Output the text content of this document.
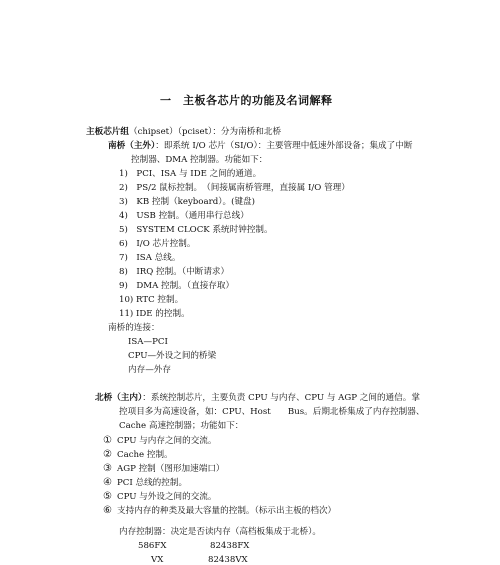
一　主板各芯片的功能及名词解释
主板芯片组（chipset）（pciset）：分为南桥和北桥
南桥（主外）：即系统 I/O 芯片（SI/O）：主要管理中低速外部设备；集成了中断
控制器、DMA 控制器。功能如下：
1)　PCI、ISA 与 IDE 之间的通道。
2)　PS/2 鼠标控制。　（间接属南桥管理，直接属 I/O 管理）
3)　KB 控制（keyboard）。(键盘)
4)　USB 控制。（通用串行总线）
5)　SYSTEM CLOCK 系统时钟控制。
6)　I/O 芯片控制。
7)　ISA 总线。
8)　IRQ 控制。（中断请求）
9)　DMA 控制。（直接存取）
10) RTC 控制。
11) IDE 的控制。
南桥的连接：
ISA—PCI
CPU—外设之间的桥梁
内存—外存
北桥（主内）：系统控制芯片，主要负责 CPU 与内存、CPU 与 AGP 之间的通信。掌
控项目多为高速设备，如：CPU、Host　　Bus。后期北桥集成了内存控制器、
Cache 高速控制器；功能如下：
① CPU 与内存之间的交流。
② Cache 控制。
③ AGP 控制（图形加速端口）
④ PCI 总线的控制。
⑤ CPU 与外设之间的交流。
⑥ 支持内存的种类及最大容量的控制。（标示出主板的档次）
内存控制器：决定是否读内存（高档板集成于北桥）。
586FX	82438FX
VX	82438VX
